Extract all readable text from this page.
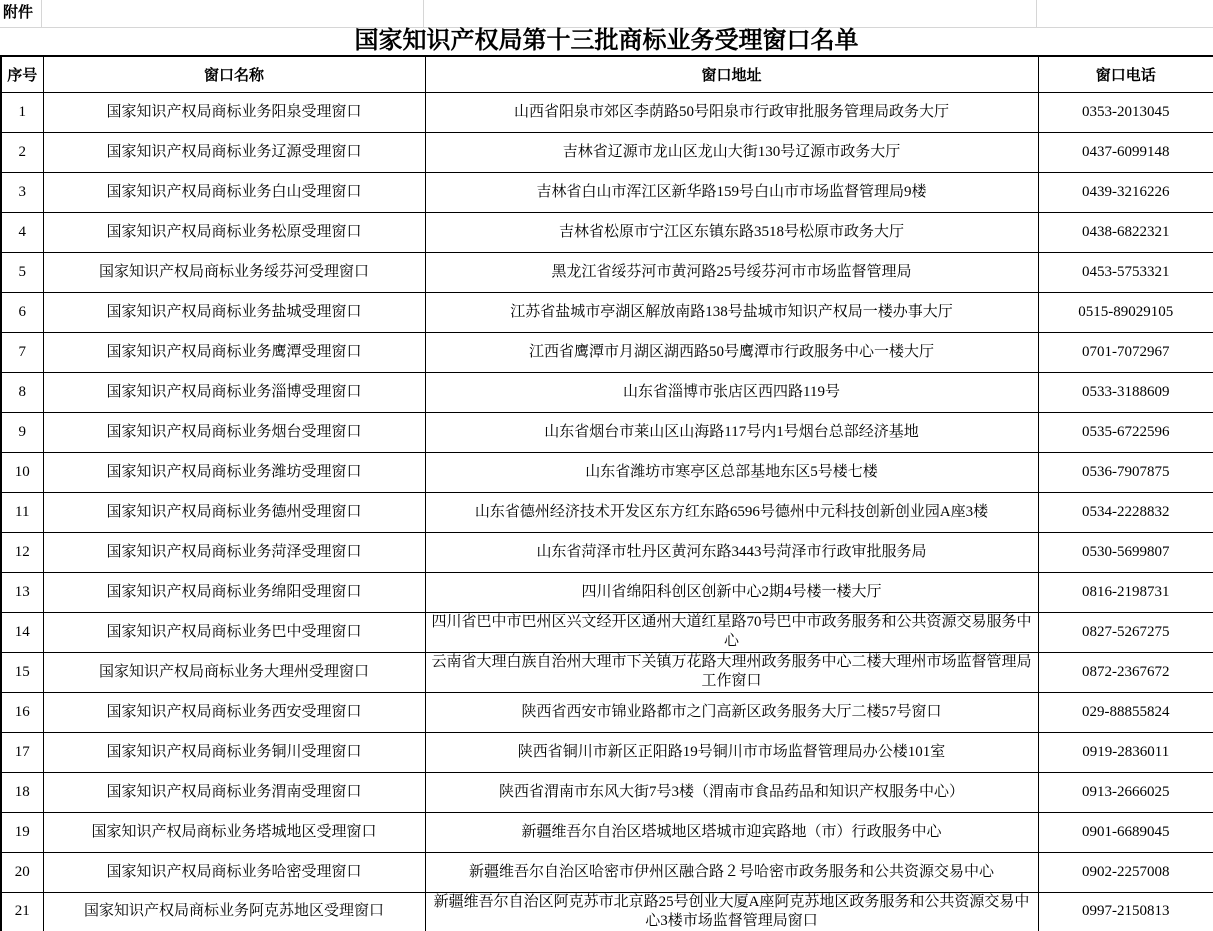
附件
国家知识产权局第十三批商标业务受理窗口名单
序号	窗口名称	窗口地址	窗口电话
1	国家知识产权局商标业务阳泉受理窗口	山西省阳泉市郊区李荫路50号阳泉市行政审批服务管理局政务大厅	0353-2013045
2	国家知识产权局商标业务辽源受理窗口	吉林省辽源市龙山区龙山大街130号辽源市政务大厅	0437-6099148
3	国家知识产权局商标业务白山受理窗口	吉林省白山市浑江区新华路159号白山市市场监督管理局9楼	0439-3216226
4	国家知识产权局商标业务松原受理窗口	吉林省松原市宁江区东镇东路3518号松原市政务大厅	0438-6822321
5	国家知识产权局商标业务绥芬河受理窗口	黑龙江省绥芬河市黄河路25号绥芬河市市场监督管理局	0453-5753321
6	国家知识产权局商标业务盐城受理窗口	江苏省盐城市亭湖区解放南路138号盐城市知识产权局一楼办事大厅	0515-89029105
7	国家知识产权局商标业务鹰潭受理窗口	江西省鹰潭市月湖区湖西路50号鹰潭市行政服务中心一楼大厅	0701-7072967
8	国家知识产权局商标业务淄博受理窗口	山东省淄博市张店区西四路119号	0533-3188609
9	国家知识产权局商标业务烟台受理窗口	山东省烟台市莱山区山海路117号内1号烟台总部经济基地	0535-6722596
10	国家知识产权局商标业务潍坊受理窗口	山东省潍坊市寒亭区总部基地东区5号楼七楼	0536-7907875
11	国家知识产权局商标业务德州受理窗口	山东省德州经济技术开发区东方红东路6596号德州中元科技创新创业园A座3楼	0534-2228832
12	国家知识产权局商标业务菏泽受理窗口	山东省菏泽市牡丹区黄河东路3443号菏泽市行政审批服务局	0530-5699807
13	国家知识产权局商标业务绵阳受理窗口	四川省绵阳科创区创新中心2期4号楼一楼大厅	0816-2198731
14	国家知识产权局商标业务巴中受理窗口	四川省巴中市巴州区兴文经开区通州大道红星路70号巴中市政务服务和公共资源交易服务中心	0827-5267275
15	国家知识产权局商标业务大理州受理窗口	云南省大理白族自治州大理市下关镇万花路大理州政务服务中心二楼大理州市场监督管理局工作窗口	0872-2367672
16	国家知识产权局商标业务西安受理窗口	陕西省西安市锦业路都市之门高新区政务服务大厅二楼57号窗口	029-88855824
17	国家知识产权局商标业务铜川受理窗口	陕西省铜川市新区正阳路19号铜川市市场监督管理局办公楼101室	0919-2836011
18	国家知识产权局商标业务渭南受理窗口	陕西省渭南市东风大街7号3楼（渭南市食品药品和知识产权服务中心）	0913-2666025
19	国家知识产权局商标业务塔城地区受理窗口	新疆维吾尔自治区塔城地区塔城市迎宾路地（市）行政服务中心	0901-6689045
20	国家知识产权局商标业务哈密受理窗口	新疆维吾尔自治区哈密市伊州区融合路２号哈密市政务服务和公共资源交易中心	0902-2257008
21	国家知识产权局商标业务阿克苏地区受理窗口	新疆维吾尔自治区阿克苏市北京路25号创业大厦A座阿克苏地区政务服务和公共资源交易中心3楼市场监督管理局窗口	0997-2150813
